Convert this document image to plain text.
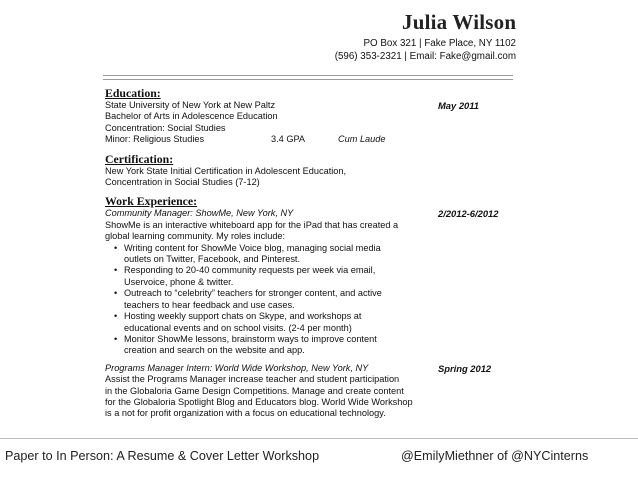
Julia Wilson
PO Box 321 | Fake Place, NY 1102
(596) 353-2321 | Email: Fake@gmail.com
Education:
State University of New York at New Paltz	May 2011
Bachelor of Arts in Adolescence Education
Concentration: Social Studies
Minor: Religious Studies	3.4 GPA	Cum Laude
Certification:
New York State Initial Certification in Adolescent Education,
Concentration in Social Studies (7-12)
Work Experience:
Community Manager: ShowMe, New York, NY	2/2012-6/2012
ShowMe is an interactive whiteboard app for the iPad that has created a
global learning community. My roles include:
• Writing content for ShowMe Voice blog, managing social media
outlets on Twitter, Facebook, and Pinterest.
• Responding to 20-40 community requests per week via email,
Uservoice, phone & twitter.
• Outreach to “celebrity” teachers for stronger content, and active
teachers to hear feedback and use cases.
• Hosting weekly support chats on Skype, and workshops at
educational events and on school visits. (2-4 per month)
• Monitor ShowMe lessons, brainstorm ways to improve content
creation and search on the website and app.
Programs Manager Intern: World Wide Workshop, New York, NY	Spring 2012
Assist the Programs Manager increase teacher and student participation
in the Globaloria Game Design Competitions. Manage and create content
for the Globaloria Spotlight Blog and Educators blog. World Wide Workshop
is a not for profit organization with a focus on educational technology.
Paper to In Person: A Resume & Cover Letter Workshop	@EmilyMiethner of @NYCinterns
